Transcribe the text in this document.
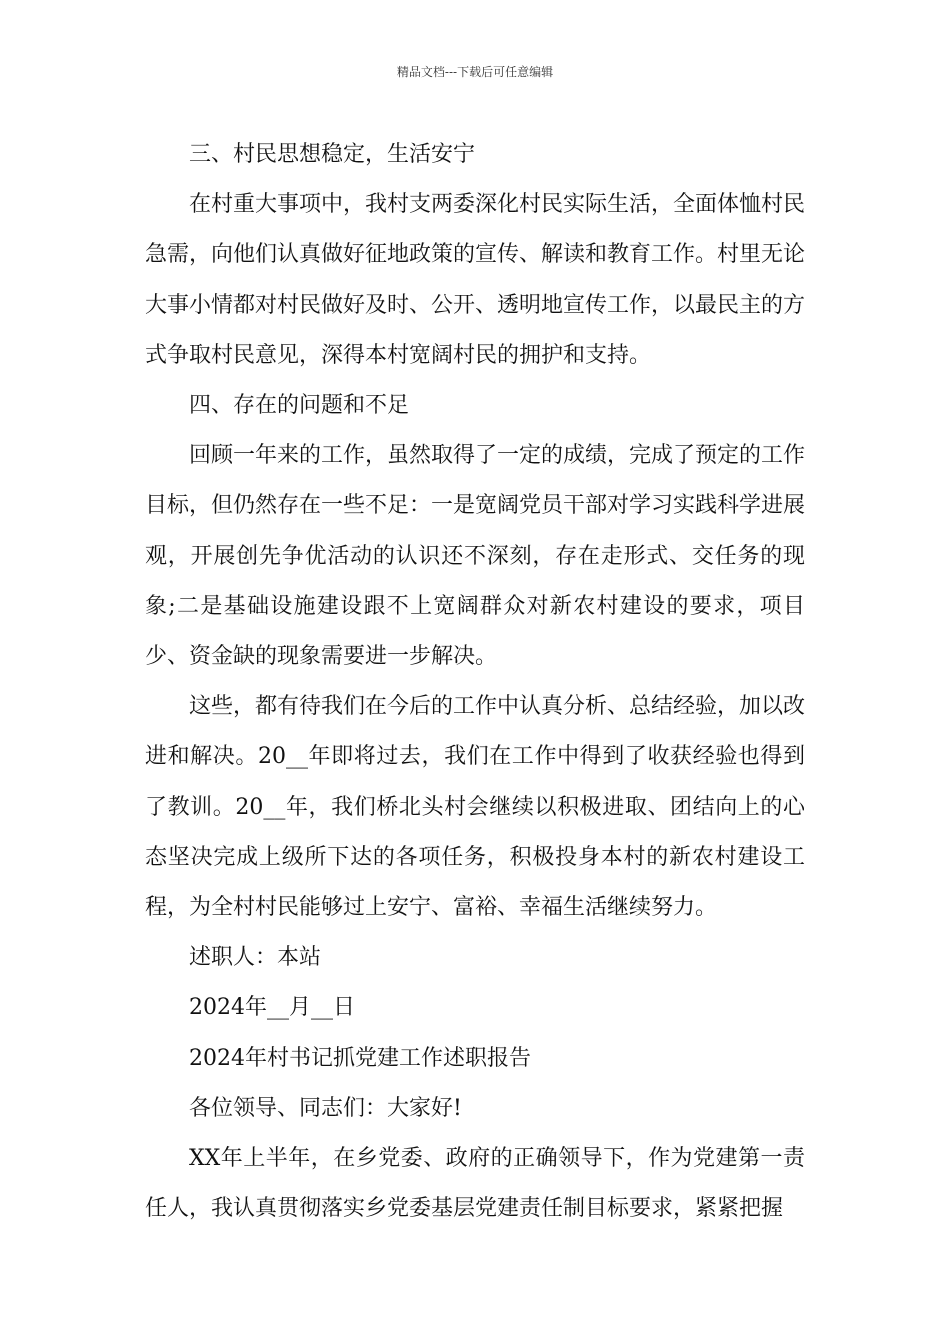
精品文档---下载后可任意编辑

三、村民思想稳定，生活安宁

在村重大事项中，我村支两委深化村民实际生活，全面体恤村民急需，向他们认真做好征地政策的宣传、解读和教育工作。村里无论大事小情都对村民做好及时、公开、透明地宣传工作，以最民主的方式争取村民意见，深得本村宽阔村民的拥护和支持。

四、存在的问题和不足

回顾一年来的工作，虽然取得了一定的成绩，完成了预定的工作目标，但仍然存在一些不足：一是宽阔党员干部对学习实践科学进展观，开展创先争优活动的认识还不深刻，存在走形式、交任务的现象;二是基础设施建设跟不上宽阔群众对新农村建设的要求，项目少、资金缺的现象需要进一步解决。

这些，都有待我们在今后的工作中认真分析、总结经验，加以改进和解决。20__年即将过去，我们在工作中得到了收获经验也得到了教训。20__年，我们桥北头村会继续以积极进取、团结向上的心态坚决完成上级所下达的各项任务，积极投身本村的新农村建设工程，为全村村民能够过上安宁、富裕、幸福生活继续努力。

述职人：本站

2024年__月__日

2024年村书记抓党建工作述职报告

各位领导、同志们：大家好!

XX年上半年，在乡党委、政府的正确领导下，作为党建第一责任人，我认真贯彻落实乡党委基层党建责任制目标要求，紧紧把握
